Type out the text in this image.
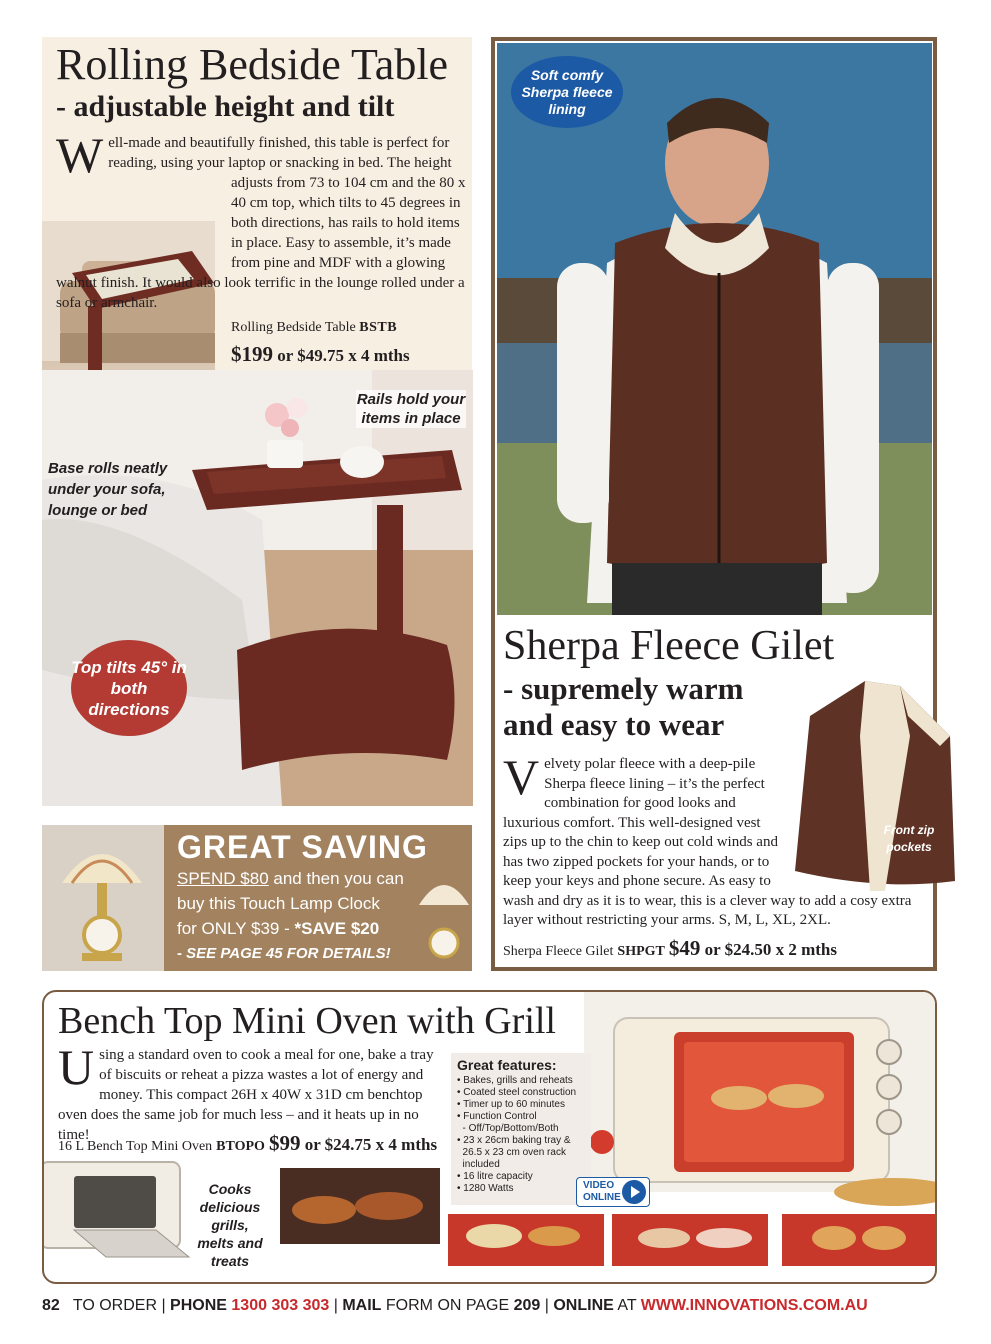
Rolling Bedside Table
- adjustable height and tilt
W ell-made and beautifully finished, this table is perfect for reading, using your laptop or snacking in bed. The height adjusts from 73 to 104 cm and the 80 x 40 cm top, which tilts to 45 degrees in both directions, has rails to hold items in place. Easy to assemble, it’s made from pine and MDF with a glowing walnut finish. It would also look terrific in the lounge rolled under a sofa or armchair.
Rolling Bedside Table BSTB
$199 or $49.75 x 4 mths
Rails hold your items in place
Base rolls neatly under your sofa, lounge or bed
Top tilts 45° in both directions
GREAT SAVING
SPEND $80 and then you can
buy this Touch Lamp Clock
for ONLY $39 - *SAVE $20
- SEE PAGE 45 FOR DETAILS!
Soft comfy Sherpa fleece lining
Sherpa Fleece Gilet
- supremely warm and easy to wear
Front zip pockets
V elvety polar fleece with a deep-pile Sherpa fleece lining – it’s the perfect combination for good looks and luxurious comfort. This well-designed vest zips up to the chin to keep out cold winds and has two zipped pockets for your hands, or to keep your keys and phone secure. As easy to wash and dry as it is to wear, this is a clever way to add a cosy extra layer without restricting your arms. S, M, L, XL, 2XL.
Sherpa Fleece Gilet SHPGT $49 or $24.50 x 2 mths
Bench Top Mini Oven with Grill
U sing a standard oven to cook a meal for one, bake a tray of biscuits or reheat a pizza wastes a lot of energy and money. This compact 26H x 40W x 31D cm benchtop oven does the same job for much less – and it heats up in no time!
16 L Bench Top Mini Oven BTOPO $99 or $24.75 x 4 mths
Great features:
• Bakes, grills and reheats
• Coated steel construction
• Timer up to 60 minutes
• Function Control
- Off/Top/Bottom/Both
• 23 x 26cm baking tray &
26.5 x 23 cm oven rack
included
• 16 litre capacity
• 1280 Watts	VIDEO
ONLINE
Cooks delicious grills, melts and treats
82 TO ORDER | PHONE 1300 303 303 | MAIL FORM ON PAGE 209 | ONLINE AT WWW.INNOVATIONS.COM.AU
